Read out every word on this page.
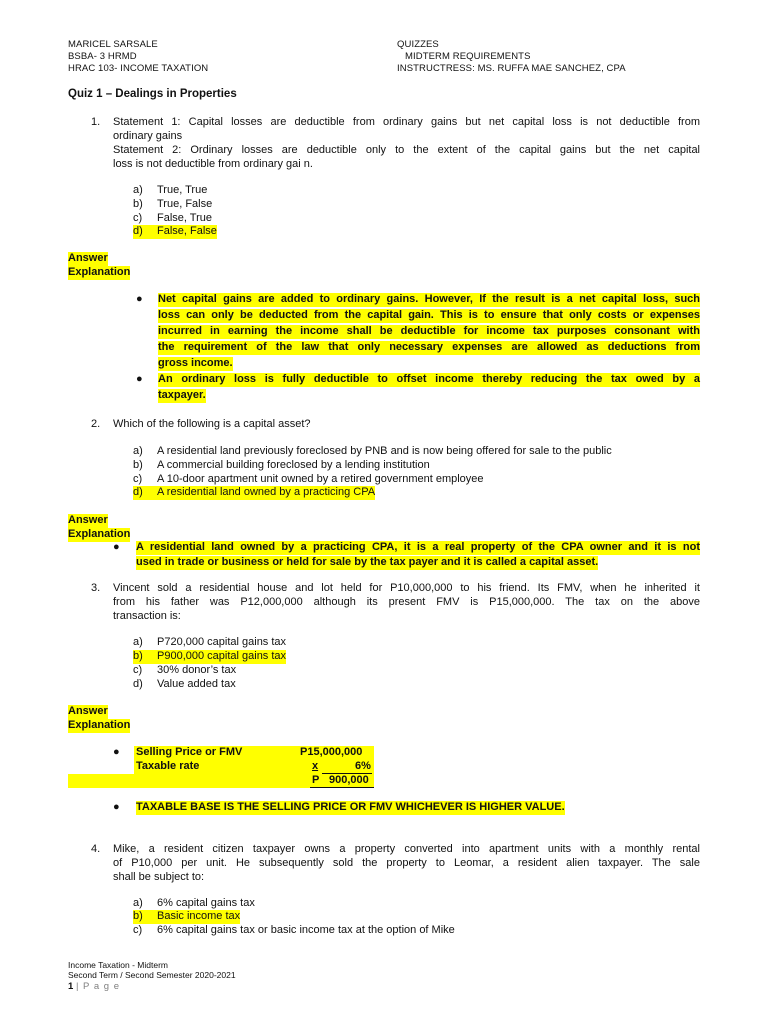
MARICEL SARSALE
BSBA- 3 HRMD
HRAC 103- INCOME TAXATION
QUIZZES
MIDTERM REQUIREMENTS
INSTRUCTRESS: MS. RUFFA MAE SANCHEZ, CPA
Quiz 1 – Dealings in Properties
1. Statement 1: Capital losses are deductible from ordinary gains but net capital loss is not deductible from
ordinary gains
Statement 2: Ordinary losses are deductible only to the extent of the capital gains but the net capital
loss is not deductible from ordinary gai n.
a) True, True
b) True, False
c) False, True
d) False, False
Answer
Explanation
● Net capital gains are added to ordinary gains. However, If the result is a net capital loss, such
loss can only be deducted from the capital gain. This is to ensure that only costs or expenses
incurred in earning the income shall be deductible for income tax purposes consonant with
the requirement of the law that only necessary expenses are allowed as deductions from
gross income.
● An ordinary loss is fully deductible to offset income thereby reducing the tax owed by a
taxpayer.
2. Which of the following is a capital asset?
a) A residential land previously foreclosed by PNB and is now being offered for sale to the public
b) A commercial building foreclosed by a lending institution
c) A 10-door apartment unit owned by a retired government employee
d) A residential land owned by a practicing CPA
Answer
Explanation
● A residential land owned by a practicing CPA, it is a real property of the CPA owner and it is not
used in trade or business or held for sale by the tax payer and it is called a capital asset.
3. Vincent sold a residential house and lot held for P10,000,000 to his friend. Its FMV, when he inherited it
from his father was P12,000,000 although its present FMV is P15,000,000. The tax on the above
transaction is:
a) P720,000 capital gains tax
b) P900,000 capital gains tax
c) 30% donor’s tax
d) Value added tax
Answer
Explanation
● Selling Price or FMV	P15,000,000
Taxable rate	x	6%
P 900,000
● TAXABLE BASE IS THE SELLING PRICE OR FMV WHICHEVER IS HIGHER VALUE.
4. Mike, a resident citizen taxpayer owns a property converted into apartment units with a monthly rental
of P10,000 per unit. He subsequently sold the property to Leomar, a resident alien taxpayer. The sale
shall be subject to:
a) 6% capital gains tax
b) Basic income tax
c) 6% capital gains tax or basic income tax at the option of Mike
Income Taxation - Midterm
Second Term / Second Semester 2020-2021
1 | P a g e
